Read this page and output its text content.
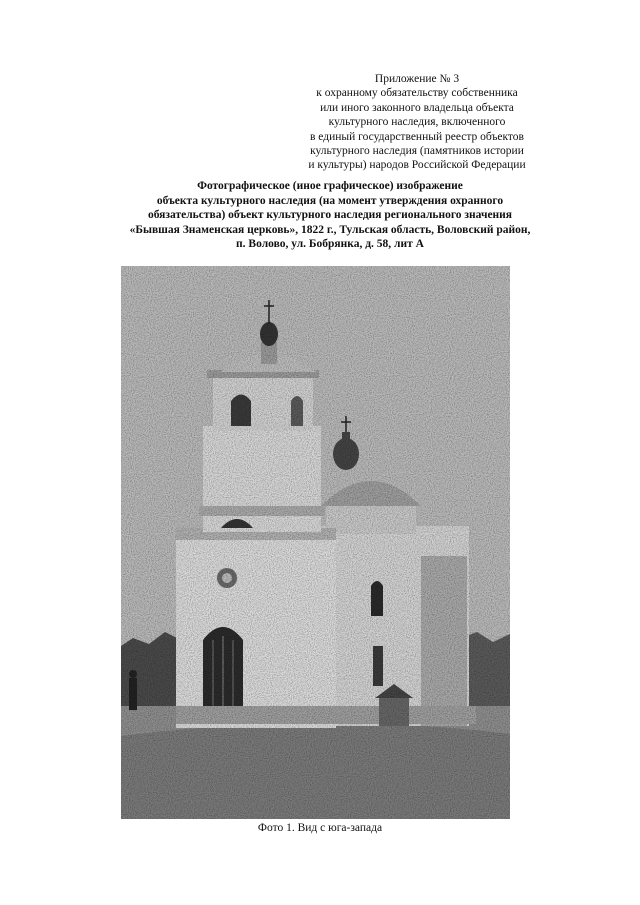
Приложение № 3
к охранному обязательству собственника
или иного законного владельца объекта
культурного наследия, включенного
в единый государственный реестр объектов
культурного наследия (памятников истории
и культуры) народов Российской Федерации
Фотографическое (иное графическое) изображение
объекта культурного наследия (на момент утверждения охранного
обязательства) объект культурного наследия регионального значения
«Бывшая Знаменская церковь», 1822 г., Тульская область, Воловский район,
п. Волово, ул. Бобрянка, д. 58, лит А
Фото 1. Вид с юга-запада
